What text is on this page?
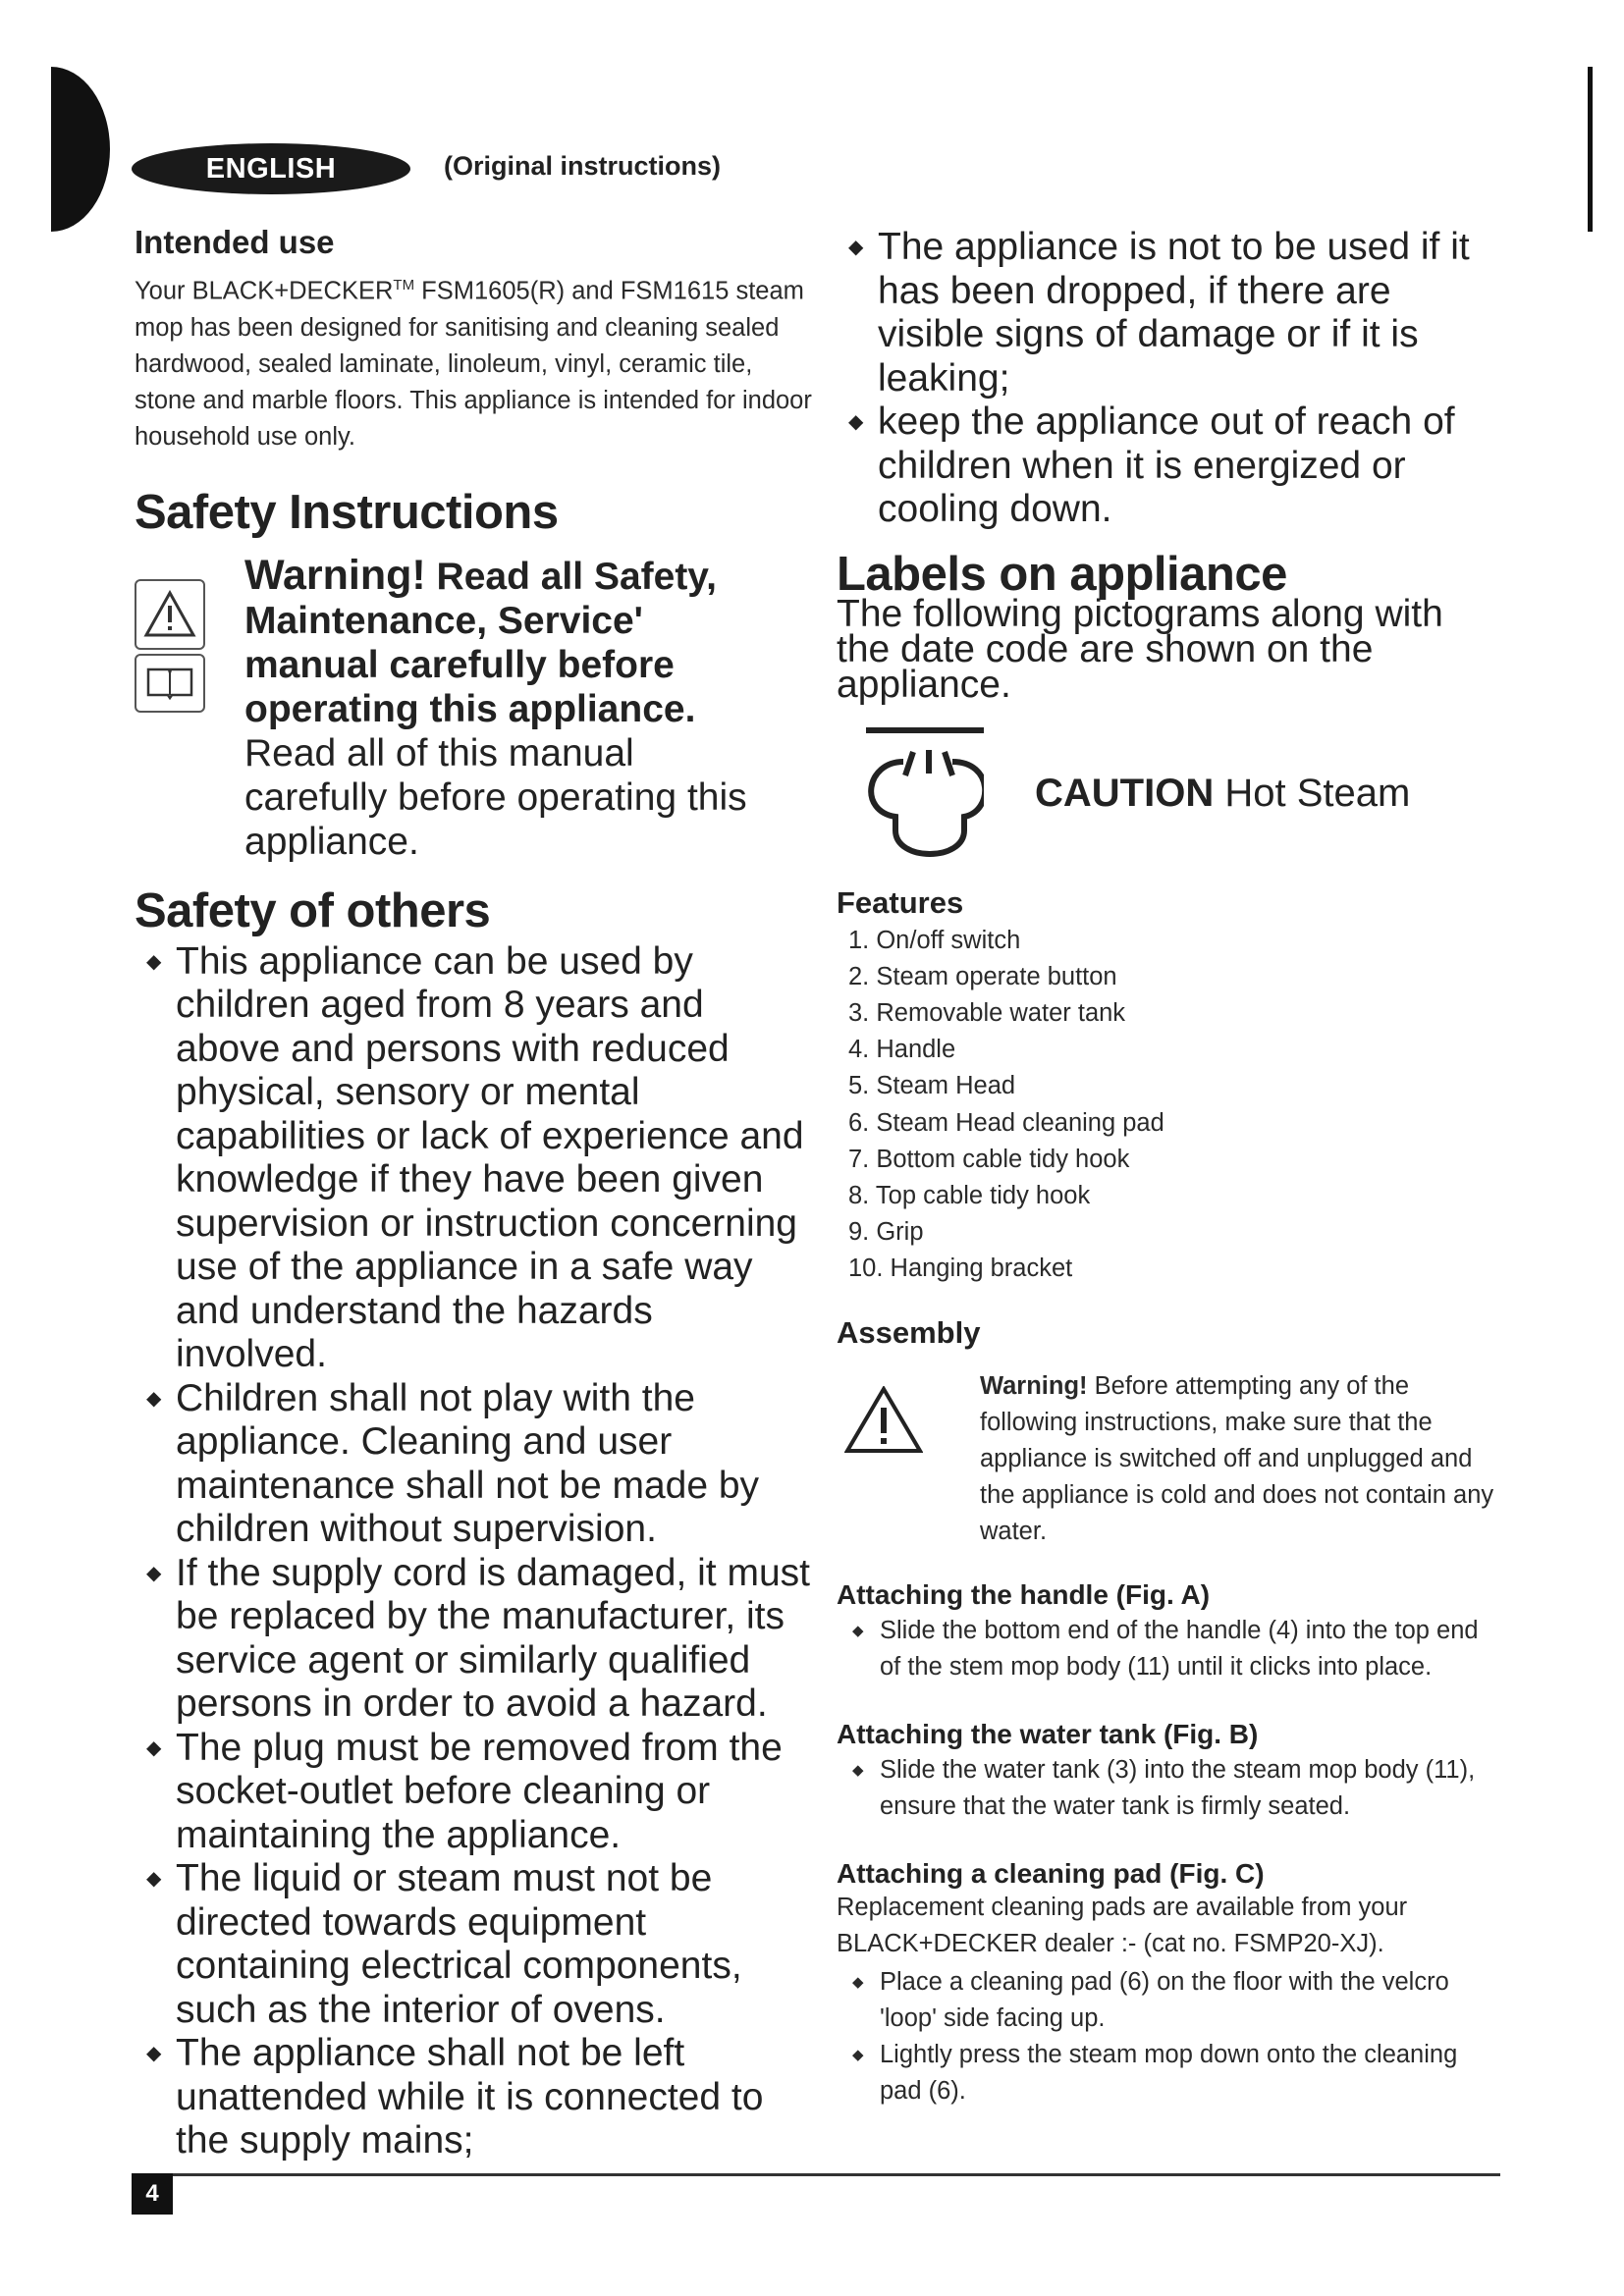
ENGLISH	(Original instructions)

Intended use

Your BLACK+DECKER™ FSM1605(R) and FSM1615 steam mop has been designed for sanitising and cleaning sealed hardwood, sealed laminate, linoleum, vinyl, ceramic tile, stone and marble floors. This appliance is intended for indoor household use only.

Safety Instructions

Warning! Read all Safety, Maintenance, Service' manual carefully before operating this appliance. Read all of this manual carefully before operating this appliance.

Safety of others

◆ This appliance can be used by children aged from 8 years and above and persons with reduced physical, sensory or mental capabilities or lack of experience and knowledge if they have been given supervision or instruction concerning use of the appliance in a safe way and understand the hazards involved.
◆ Children shall not play with the appliance. Cleaning and user maintenance shall not be made by children without supervision.
◆ If the supply cord is damaged, it must be replaced by the manufacturer, its service agent or similarly qualified persons in order to avoid a hazard.
◆ The plug must be removed from the socket-outlet before cleaning or maintaining the appliance.
◆ The liquid or steam must not be directed towards equipment containing electrical components, such as the interior of ovens.
◆ The appliance shall not be left unattended while it is connected to the supply mains;
◆ The appliance is not to be used if it has been dropped, if there are visible signs of damage or if it is leaking;
◆ keep the appliance out of reach of children when it is energized or cooling down.

Labels on appliance

The following pictograms along with the date code are shown on the appliance.

CAUTION Hot Steam

Features

1. On/off switch
2. Steam operate button
3. Removable water tank
4. Handle
5. Steam Head
6. Steam Head cleaning pad
7. Bottom cable tidy hook
8. Top cable tidy hook
9. Grip
10. Hanging bracket

Assembly

Warning! Before attempting any of the following instructions, make sure that the appliance is switched off and unplugged and the appliance is cold and does not contain any water.

Attaching the handle (Fig. A)

◆ Slide the bottom end of the handle (4) into the top end of the stem mop body (11) until it clicks into place.

Attaching the water tank (Fig. B)

◆ Slide the water tank (3) into the steam mop body (11), ensure that the water tank is firmly seated.

Attaching a cleaning pad (Fig. C)

Replacement cleaning pads are available from your BLACK+DECKER dealer :- (cat no. FSMP20-XJ).

◆ Place a cleaning pad (6) on the floor with the velcro 'loop' side facing up.
◆ Lightly press the steam mop down onto the cleaning pad (6).
4
